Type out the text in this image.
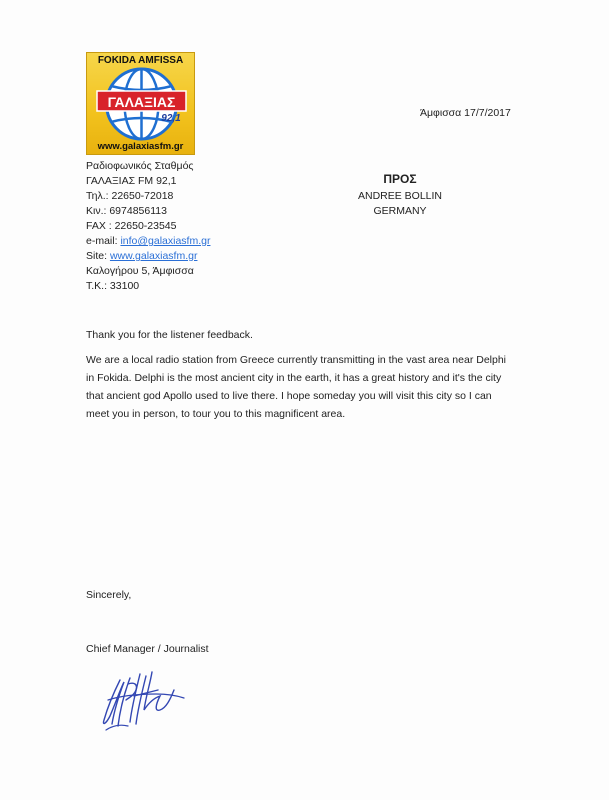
FOKIDA AMFISSA
ΓΑΛΑΞΙΑΣ
92,1
www.galaxiasfm.gr
Ραδιοφωνικός Σταθμός
ΓΑΛΑΞΙΑΣ FM 92,1
Τηλ.: 22650-72018
Κιν.: 6974856113
FAX : 22650-23545
e-mail: info@galaxiasfm.gr
Site: www.galaxiasfm.gr
Καλογήρου 5, Άμφισσα
Τ.Κ.: 33100
Άμφισσα 17/7/2017
ΠΡΟΣ
ANDREE BOLLIN
GERMANY
Thank you for the listener feedback.
We are a local radio station from Greece currently transmitting in the vast area near Delphi
in Fokida. Delphi is the most ancient city in the earth, it has a great history and it's the city
that ancient god Apollo used to live there. I hope someday you will visit this city so I can
meet you in person, to tour you to this magnificent area.
Sincerely,
Chief Manager / Journalist
